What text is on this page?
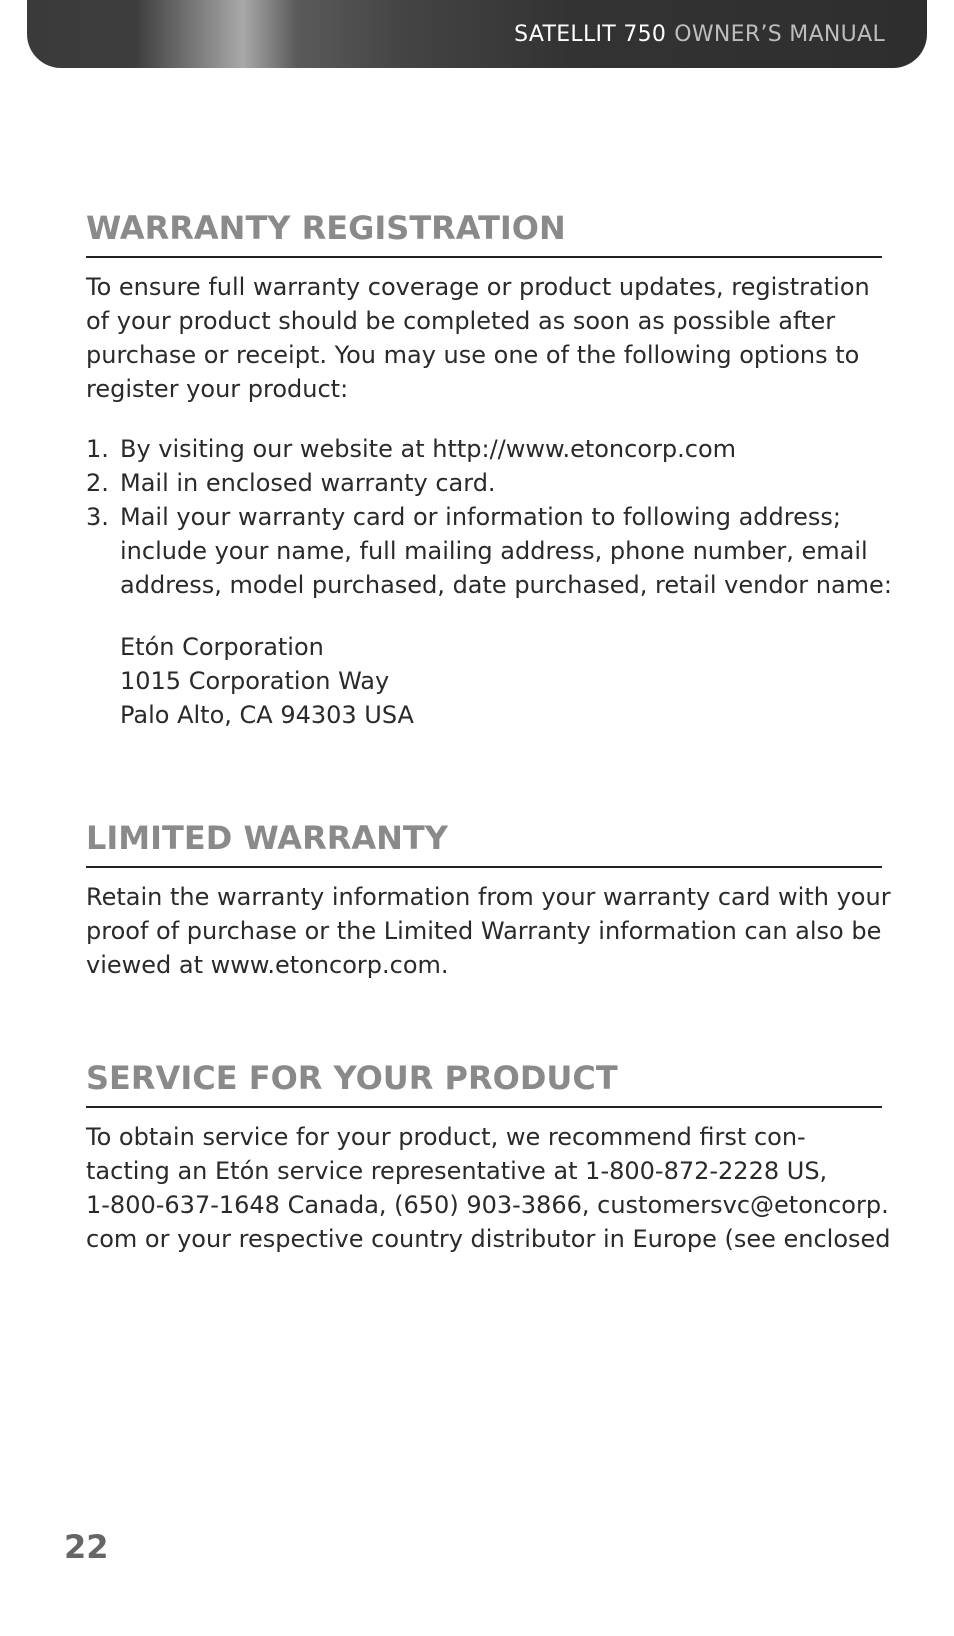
SATELLIT 750 OWNER’S MANUAL
WARRANTY REGISTRATION

To ensure full warranty coverage or product updates, registration
of your product should be completed as soon as possible after
purchase or receipt. You may use one of the following options to
register your product:

1. By visiting our website at http://www.etoncorp.com
2. Mail in enclosed warranty card.
3. Mail your warranty card or information to following address;
include your name, full mailing address, phone number, email
address, model purchased, date purchased, retail vendor name:
Etón Corporation
1015 Corporation Way
Palo Alto, CA 94303 USA
LIMITED WARRANTY

Retain the warranty information from your warranty card with your
proof of purchase or the Limited Warranty information can also be
viewed at www.etoncorp.com.

SERVICE FOR YOUR PRODUCT

To obtain service for your product, we recommend first con-
tacting an Etón service representative at 1-800-872-2228 US,
1-800-637-1648 Canada, (650) 903-3866, customersvc@etoncorp.
com or your respective country distributor in Europe (see enclosed

22
